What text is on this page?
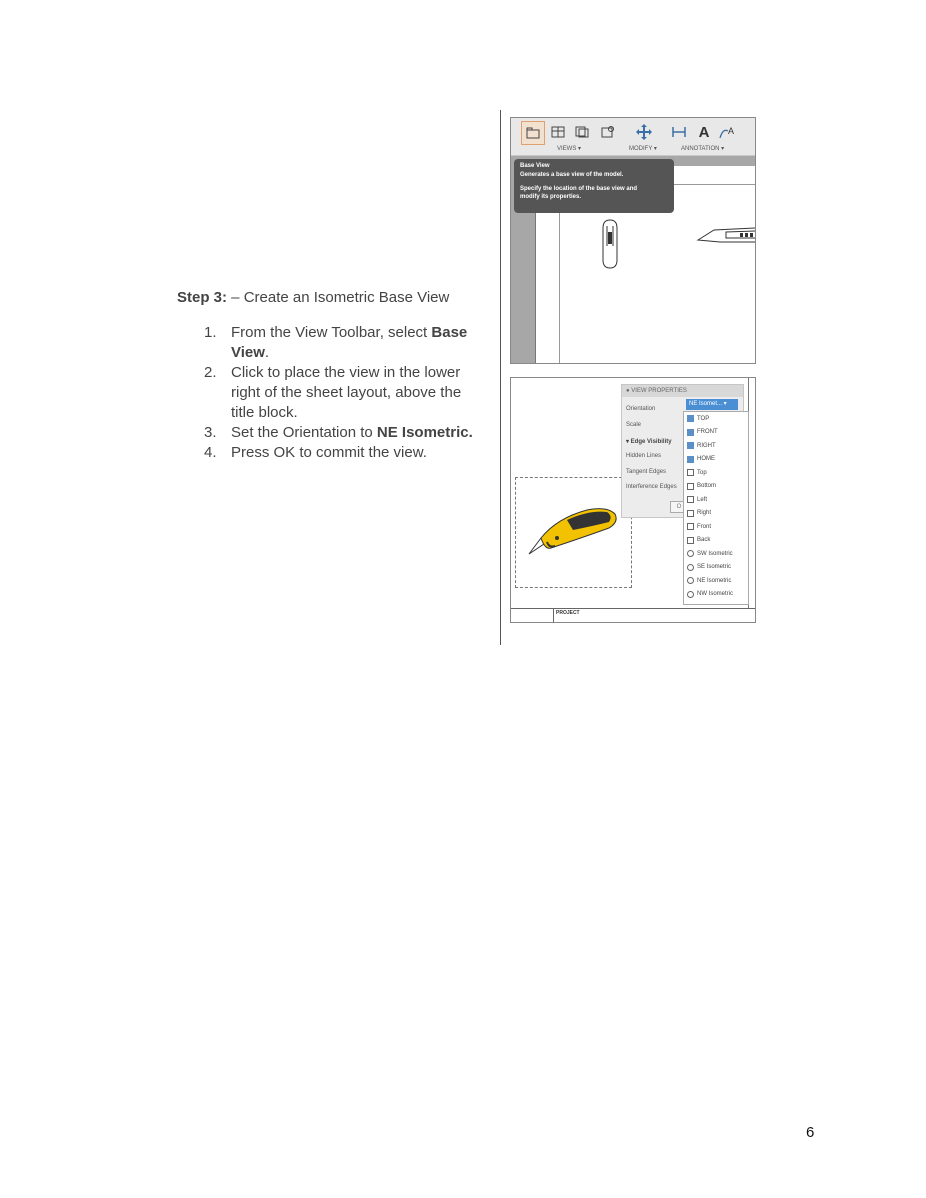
Step 3: – Create an Isometric Base View
1. From the View Toolbar, select Base View.
2. Click to place the view in the lower right of the sheet layout, above the title block.
3. Set the Orientation to NE Isometric.
4. Press OK to commit the view.
VIEWS ▾	MODIFY ▾
A A
ANNOTATION ▾
Base View
Generates a base view of the model.
Specify the location of the base view and modify its properties.
● VIEW PROPERTIES
Orientation
Scale
▾ Edge Visibility
Hidden Lines
Tangent Edges
Interference Edges
NE Isomet... ▾
O
TOP
FRONT
RIGHT
HOME
Top
Bottom
Left
Right
Front
Back
SW Isometric
SE Isometric
NE Isometric
NW Isometric
PROJECT
6
